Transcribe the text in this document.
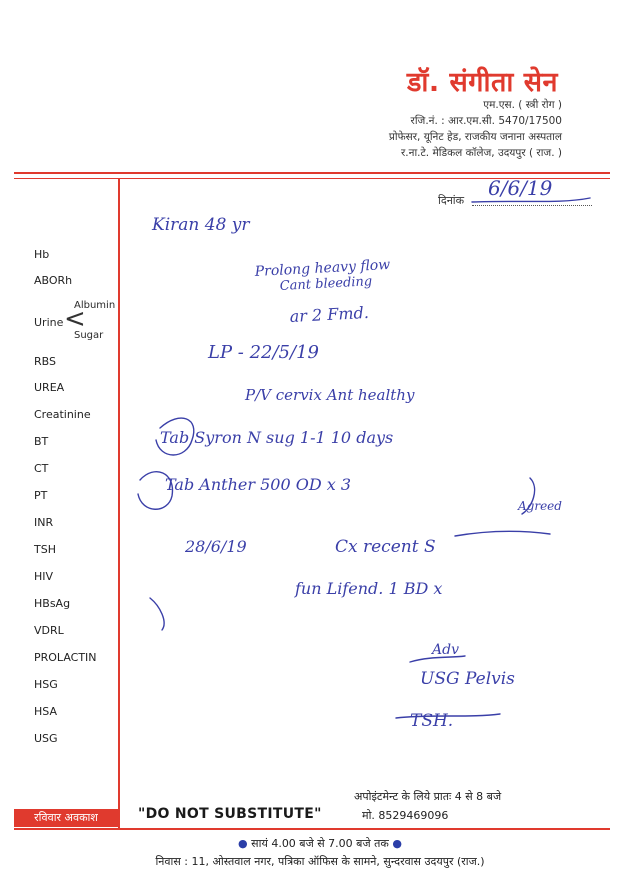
डॉ. संगीता सेन
एम.एस. ( स्त्री रोग )
रजि.नं. : आर.एम.सी. 5470/17500
प्रोफेसर, यूनिट हेड, राजकीय जनाना अस्पताल
र.ना.टे. मेडिकल कॉलेज, उदयपुर ( राज. )
दिनांक
Hb
ABORh
Urine <
Albumin
Sugar
RBS
UREA
Creatinine
BT
CT
PT
INR
TSH
HIV
HBsAg
VDRL
PROLACTIN
HSG
HSA
USG
Kiran 48 yr
Prolong heavy flow
Cant bleeding
ar 2 Fmd.
LP - 22/5/19
P/V cervix Ant healthy
Tab Syron N sug 1-1 10 days
Tab Anther 500 OD x 3
Agreed
28/6/19	Cx recent S
fun Lifend. 1 BD x
Adv
USG Pelvis
TSH.
अपोइंटमेन्ट के लिये प्रातः 4 से 8 बजे
मो. 8529469096
रविवार अवकाश	"DO NOT SUBSTITUTE"
● सायं 4.00 बजे से 7.00 बजे तक ●
निवास : 11, ओस्तवाल नगर, पत्रिका ऑफिस के सामने, सुन्दरवास उदयपुर (राज.)
6/6/19
